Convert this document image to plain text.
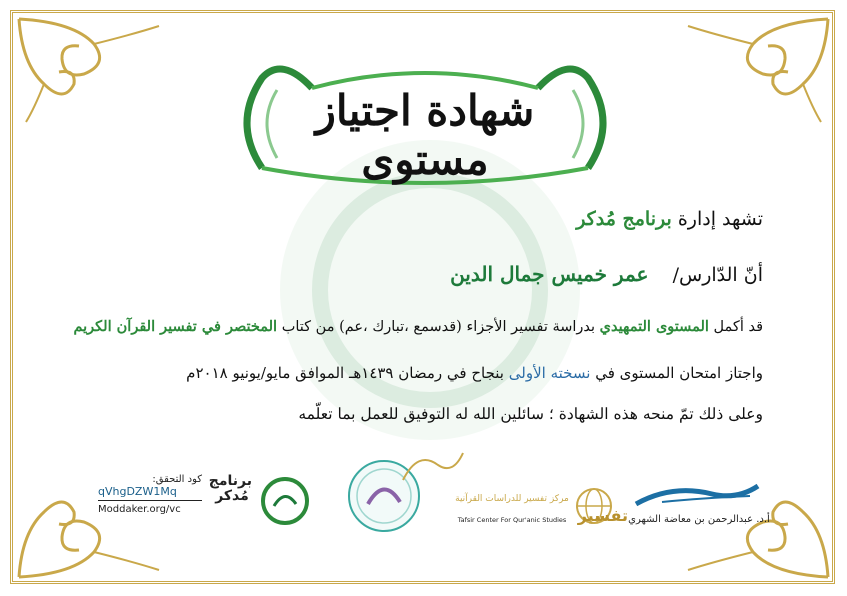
شهادة اجتياز مستوى
تشهد إدارة برنامج مُدكر
أنّ الدّارس/    عمر خميس جمال الدين
قد أكمل المستوى التمهيدي بدراسة تفسير الأجزاء (قدسمع ،تبارك ،عم) من كتاب المختصر في تفسير القرآن الكريم
واجتاز امتحان المستوى في نسخته الأولى بنجاح في رمضان ١٤٣٩هـ الموافق مايو/يونيو ٢٠١٨م
وعلى ذلك تمّ منحه هذه الشهادة ؛ سائلين الله له التوفيق للعمل بما تعلّمه
كود التحقق:
qVhgDZW1Mq
Moddaker.org/vc
برنامج مُدكر	مركز تفسير للدراسات القرآنية
Tafsir Center For Qur'anic Studies تفسير أ.د. عبدالرحمن بن معاضة الشهري
